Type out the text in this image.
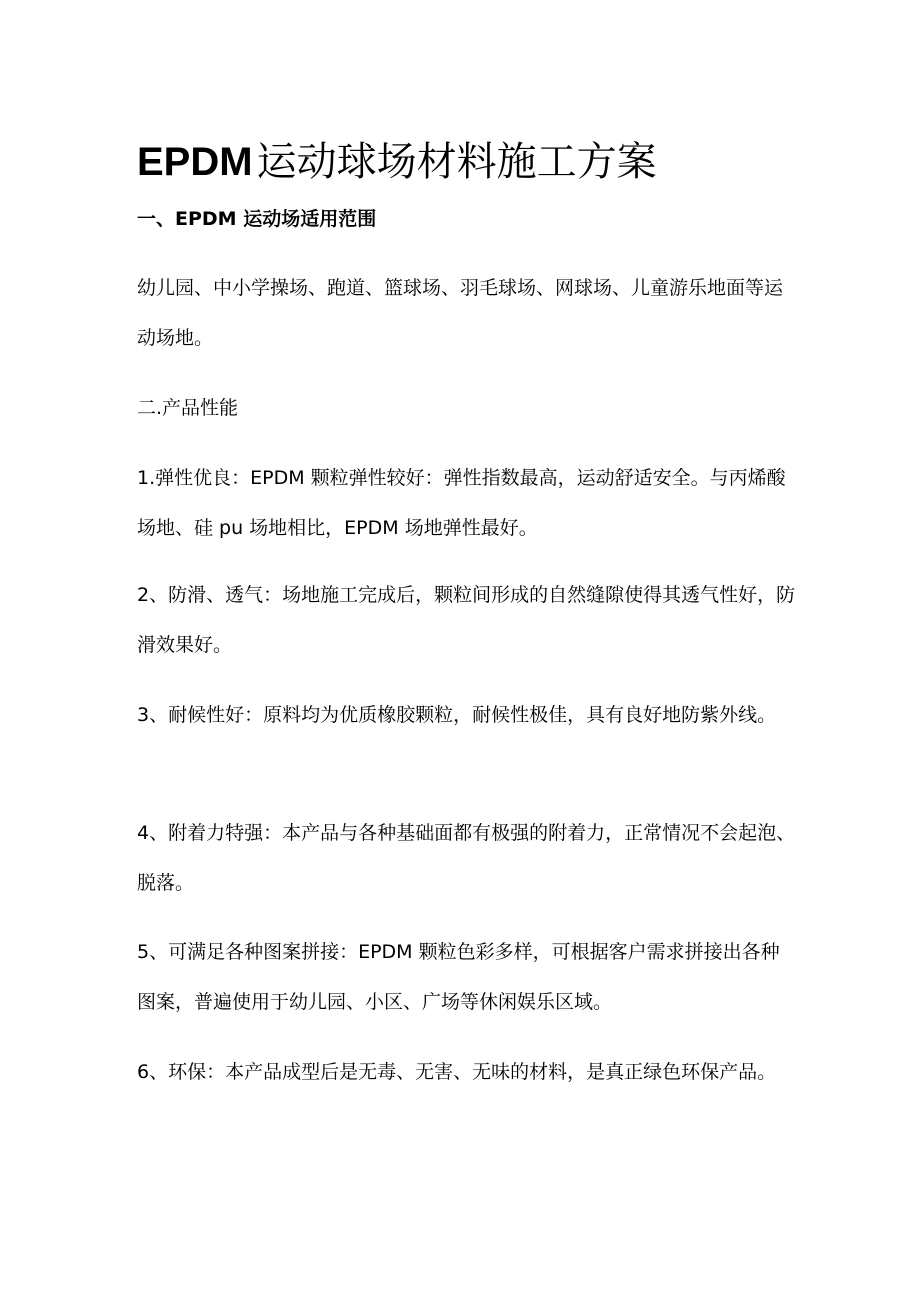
EPDM 运动球场材料施工方案
一、EPDM 运动场适用范围
幼儿园、中小学操场、跑道、篮球场、羽毛球场、网球场、儿童游乐地面等运动场地。
二.产品性能
1.弹性优良：EPDM 颗粒弹性较好：弹性指数最高，运动舒适安全。与丙烯酸场地、硅 pu 场地相比，EPDM 场地弹性最好。
2、防滑、透气：场地施工完成后，颗粒间形成的自然缝隙使得其透气性好，防滑效果好。
3、耐候性好：原料均为优质橡胶颗粒，耐候性极佳，具有良好地防紫外线。
4、附着力特强：本产品与各种基础面都有极强的附着力，正常情况不会起泡、脱落。
5、可满足各种图案拼接：EPDM 颗粒色彩多样，可根据客户需求拼接出各种图案，普遍使用于幼儿园、小区、广场等休闲娱乐区域。
6、环保：本产品成型后是无毒、无害、无味的材料，是真正绿色环保产品。
